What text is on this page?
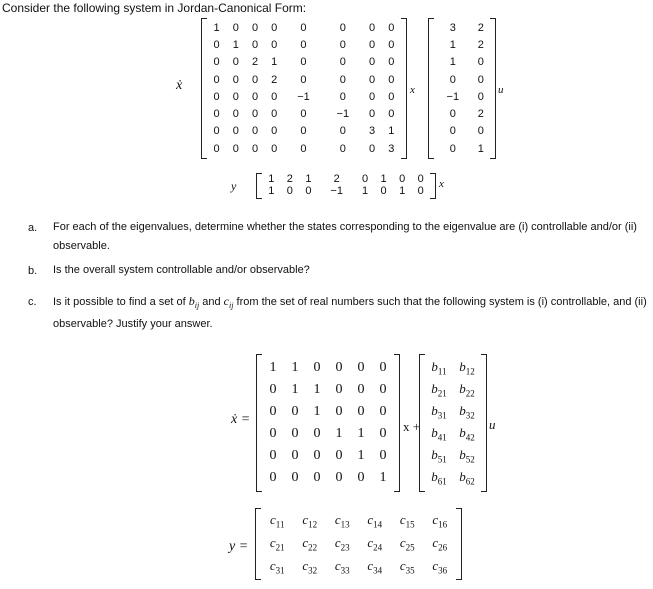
Consider the following system in Jordan-Canonical Form:
ẋ
1	0	0	0	0	0	0	0
0	1	0	0	0	0	0	0
0	0	2	1	0	0	0	0
0	0	0	2	0	0	0	0
0	0	0	0	−1	0	0	0
0	0	0	0	0	−1	0	0
0	0	0	0	0	0	3	1
0	0	0	0	0	0	0	3
x
3	2
1	2
1	0
0	0
−1	0
0	2
0	0
0	1
u
y	1	2	1	2	0	1	0	0
1	0	0	−1	1	0	1	0
x
a. For each of the eigenvalues, determine whether the states corresponding to the eigenvalue are (i) controllable and/or (ii) observable.
b. Is the overall system controllable and/or observable?
c. Is it possible to find a set of $b_{ij}$ and $c_{ij}$ from the set of real numbers such that the following system is (i) controllable, and (ii) observable? Justify your answer.
ẋ =
1	1	0	0	0	0
0	1	1	0	0	0
0	0	1	0	0	0
0	0	0	1	1	0
0	0	0	0	1	0
0	0	0	0	0	1
x +
$b_{11}$	$b_{12}$
$b_{21}$	$b_{22}$
$b_{31}$	$b_{32}$
$b_{41}$	$b_{42}$
$b_{51}$	$b_{52}$
$b_{61}$	$b_{62}$
u
y =
$c_{11}$	$c_{12}$	$c_{13}$	$c_{14}$	$c_{15}$	$c_{16}$
$c_{21}$	$c_{22}$	$c_{23}$	$c_{24}$	$c_{25}$	$c_{26}$
$c_{31}$	$c_{32}$	$c_{33}$	$c_{34}$	$c_{35}$	$c_{36}$
